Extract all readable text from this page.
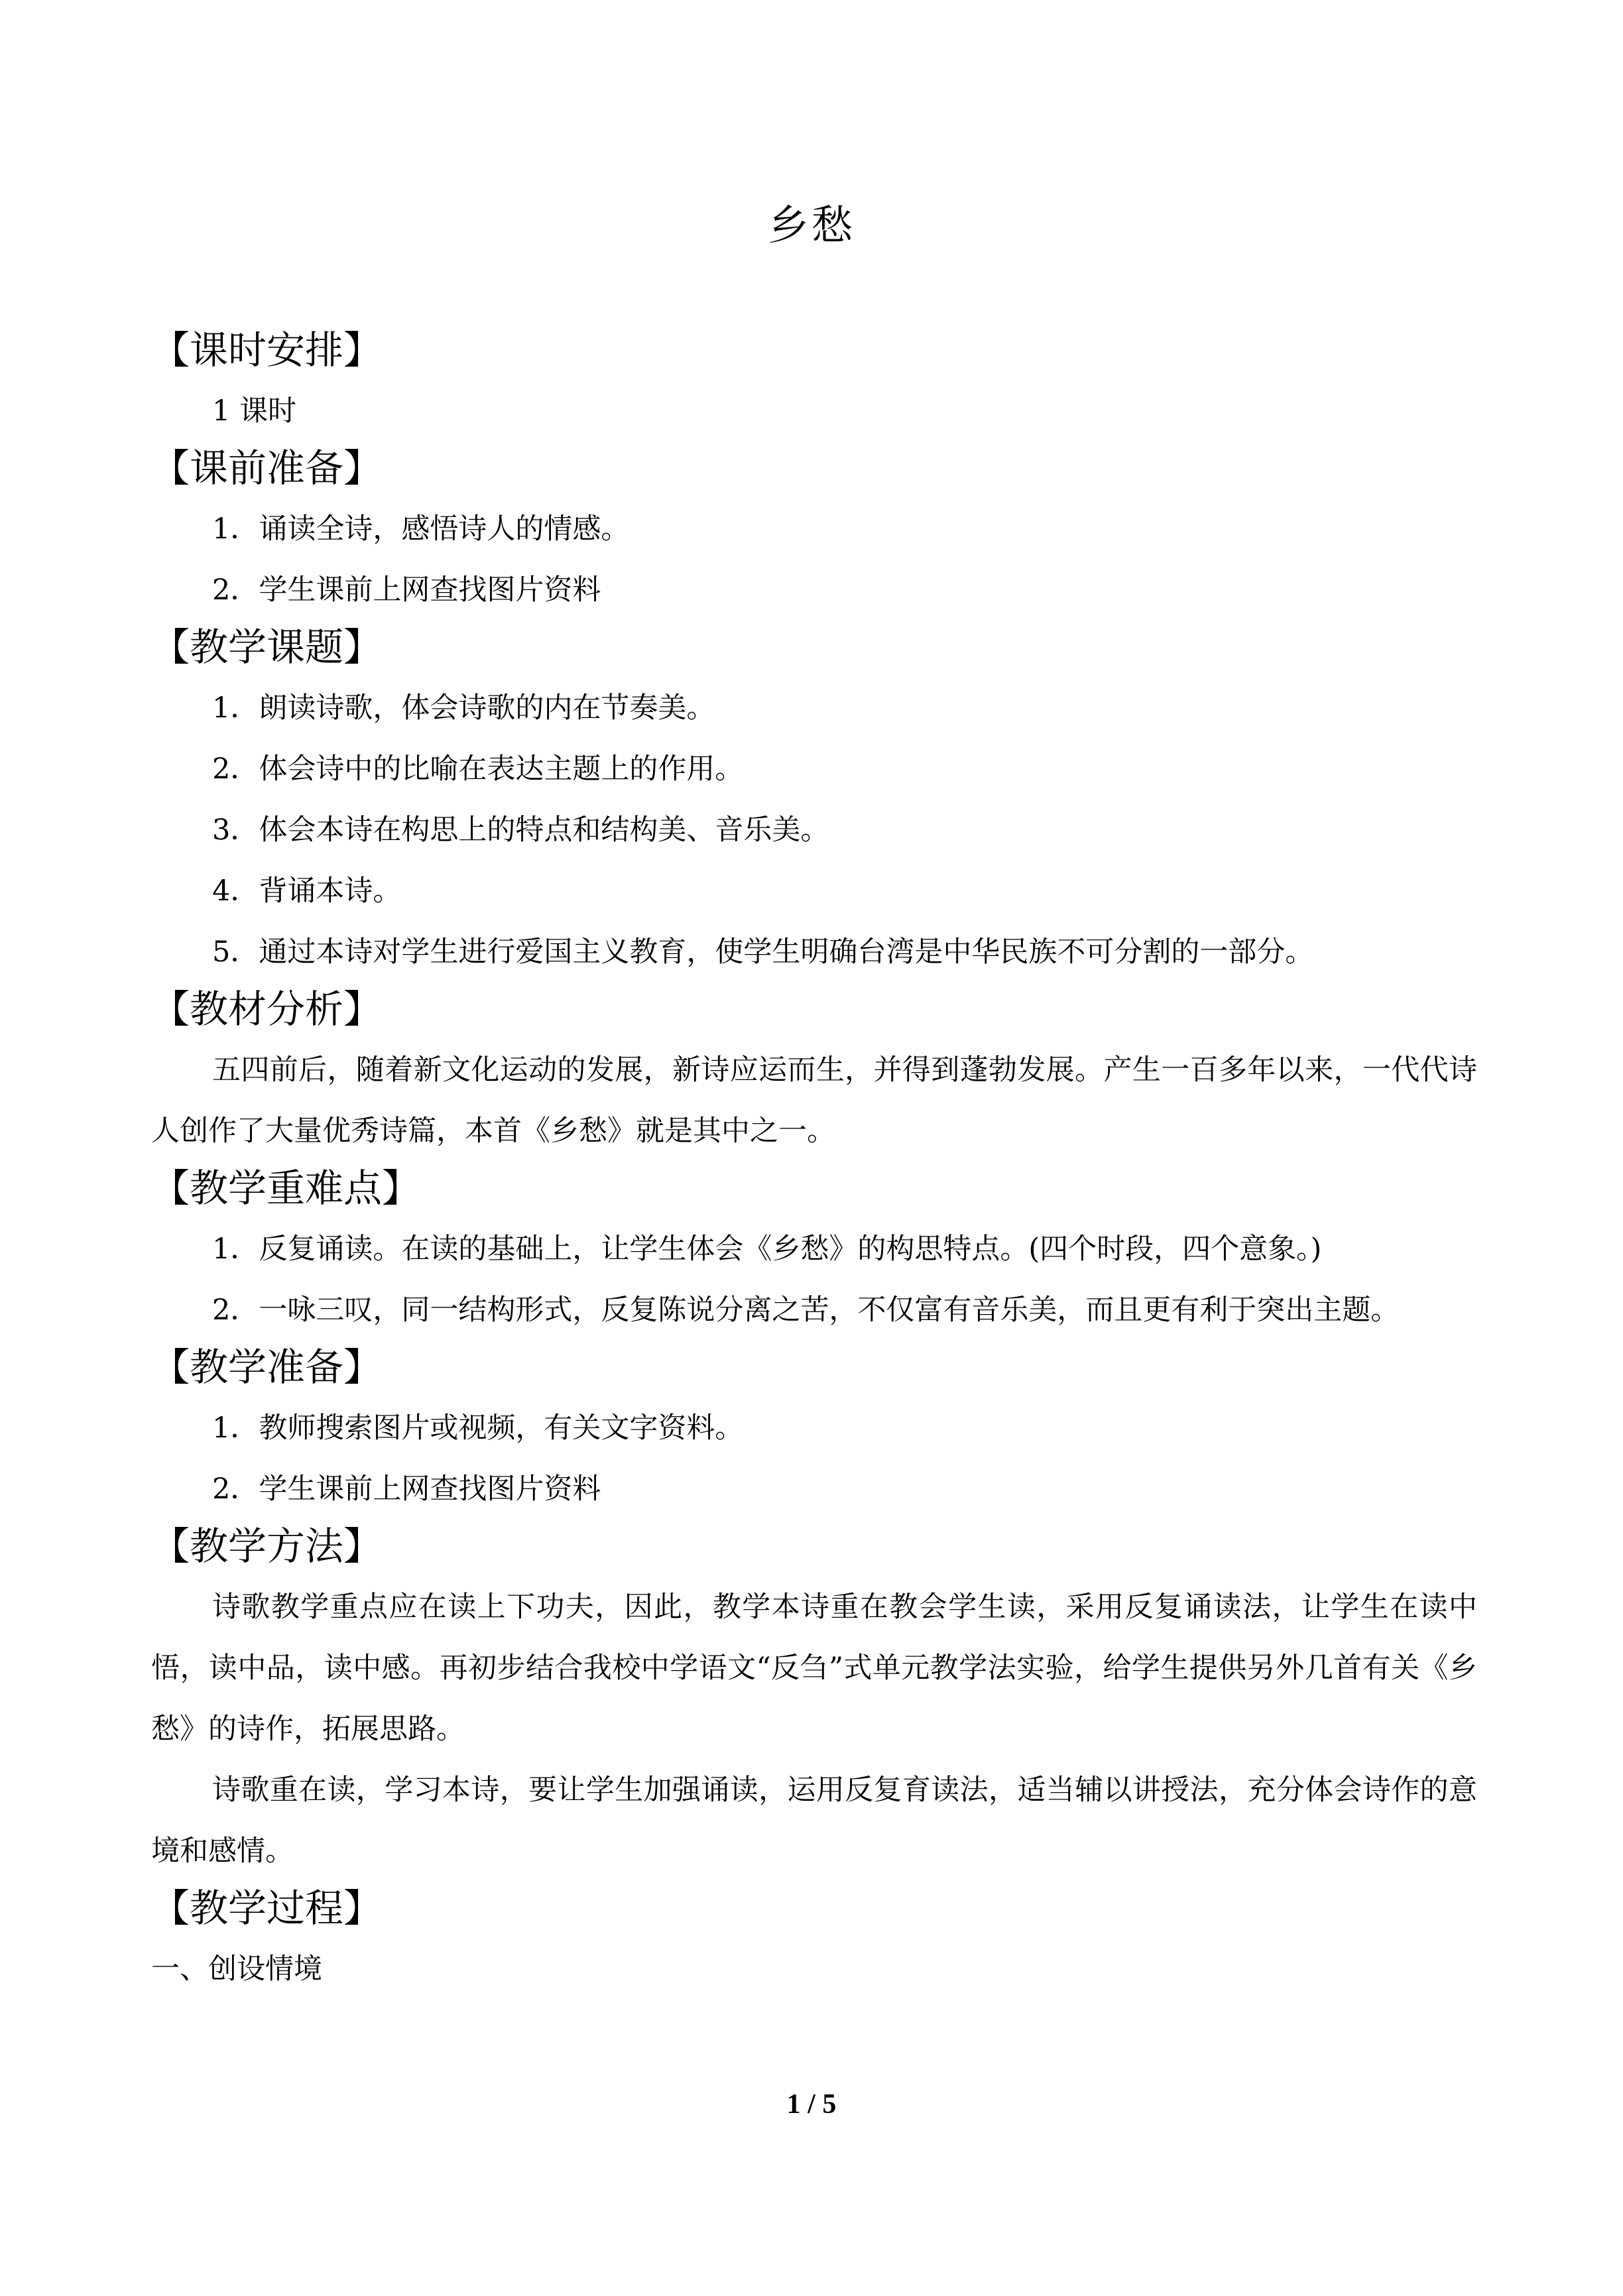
乡愁
【课时安排】
1 课时
【课前准备】
1．诵读全诗，感悟诗人的情感。
2．学生课前上网查找图片资料
【教学课题】
1．朗读诗歌，体会诗歌的内在节奏美。
2．体会诗中的比喻在表达主题上的作用。
3．体会本诗在构思上的特点和结构美、音乐美。
4．背诵本诗。
5．通过本诗对学生进行爱国主义教育，使学生明确台湾是中华民族不可分割的一部分。
【教材分析】
五四前后，随着新文化运动的发展，新诗应运而生，并得到蓬勃发展。产生一百多年以来，一代代诗人创作了大量优秀诗篇，本首《乡愁》就是其中之一。
【教学重难点】
1．反复诵读。在读的基础上，让学生体会《乡愁》的构思特点。(四个时段，四个意象。)
2．一咏三叹，同一结构形式，反复陈说分离之苦，不仅富有音乐美，而且更有利于突出主题。
【教学准备】
1．教师搜索图片或视频，有关文字资料。
2．学生课前上网查找图片资料
【教学方法】
诗歌教学重点应在读上下功夫，因此，教学本诗重在教会学生读，采用反复诵读法，让学生在读中悟，读中品，读中感。再初步结合我校中学语文“反刍”式单元教学法实验，给学生提供另外几首有关《乡愁》的诗作，拓展思路。
诗歌重在读，学习本诗，要让学生加强诵读，运用反复育读法，适当辅以讲授法，充分体会诗作的意境和感情。
【教学过程】
一、创设情境
1 / 5
